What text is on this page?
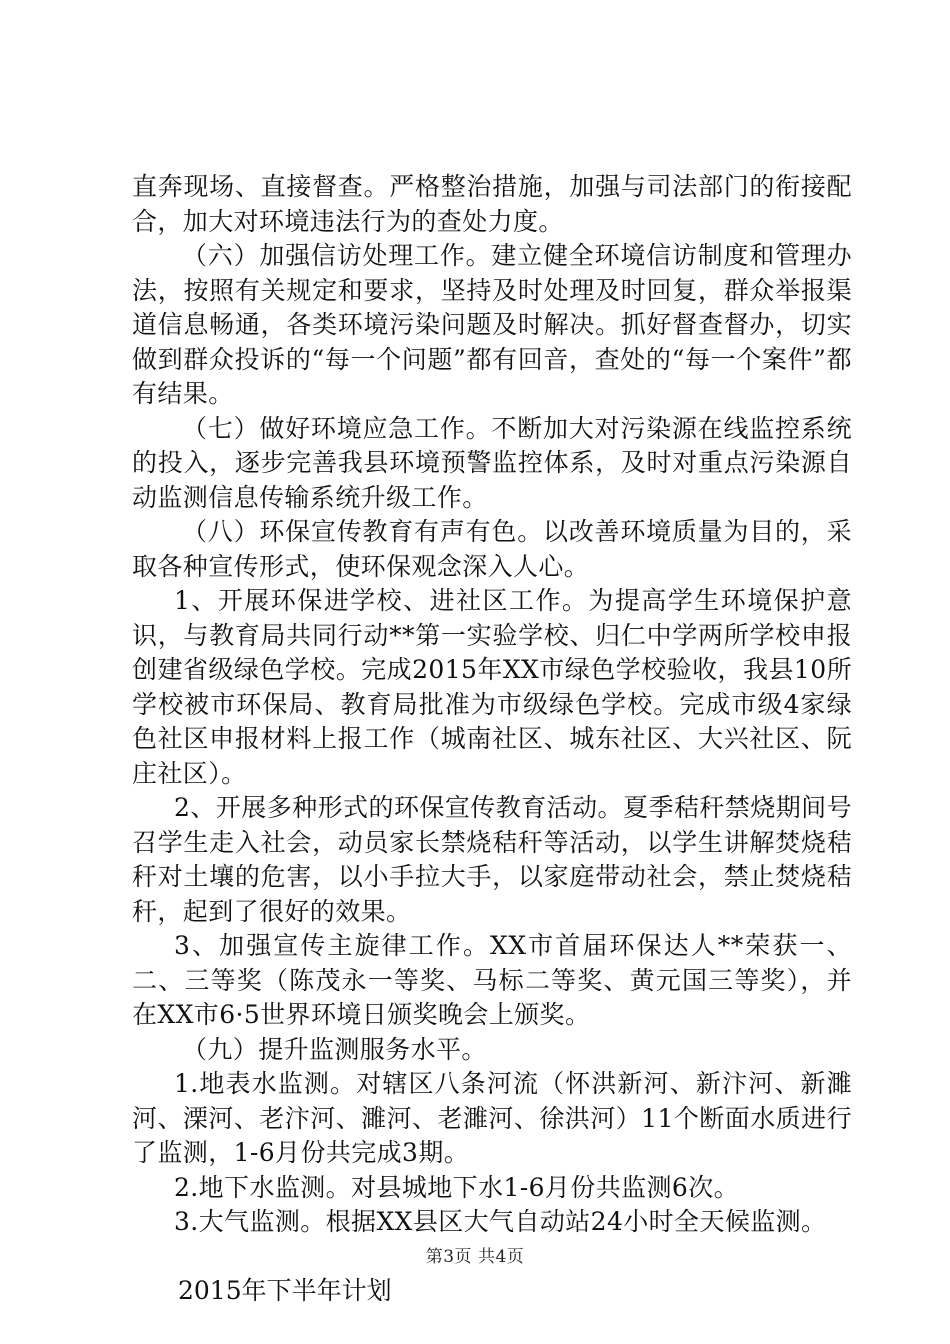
直奔现场、直接督查。严格整治措施，加强与司法部门的衔接配合，加大对环境违法行为的查处力度。

（六）加强信访处理工作。建立健全环境信访制度和管理办法，按照有关规定和要求，坚持及时处理及时回复，群众举报渠道信息畅通，各类环境污染问题及时解决。抓好督查督办，切实做到群众投诉的“每一个问题”都有回音，查处的“每一个案件”都有结果。

（七）做好环境应急工作。不断加大对污染源在线监控系统的投入，逐步完善我县环境预警监控体系，及时对重点污染源自动监测信息传输系统升级工作。

（八）环保宣传教育有声有色。以改善环境质量为目的，采取各种宣传形式，使环保观念深入人心。

1、开展环保进学校、进社区工作。为提高学生环境保护意识，与教育局共同行动**第一实验学校、归仁中学两所学校申报创建省级绿色学校。完成2015年XX市绿色学校验收，我县10所学校被市环保局、教育局批准为市级绿色学校。完成市级4家绿色社区申报材料上报工作（城南社区、城东社区、大兴社区、阮庄社区）。

2、开展多种形式的环保宣传教育活动。夏季秸秆禁烧期间号召学生走入社会，动员家长禁烧秸秆等活动，以学生讲解焚烧秸秆对土壤的危害，以小手拉大手，以家庭带动社会，禁止焚烧秸秆，起到了很好的效果。

3、加强宣传主旋律工作。XX市首届环保达人**荣获一、二、三等奖（陈茂永一等奖、马标二等奖、黄元国三等奖），并在XX市6·5世界环境日颁奖晚会上颁奖。

（九）提升监测服务水平。

1.地表水监测。对辖区八条河流（怀洪新河、新汴河、新濉河、溧河、老汴河、濉河、老濉河、徐洪河）11个断面水质进行了监测，1-6月份共完成3期。

2.地下水监测。对县城地下水1-6月份共监测6次。

3.大气监测。根据XX县区大气自动站24小时全天候监测。

2015年下半年计划

第3页 共4页
